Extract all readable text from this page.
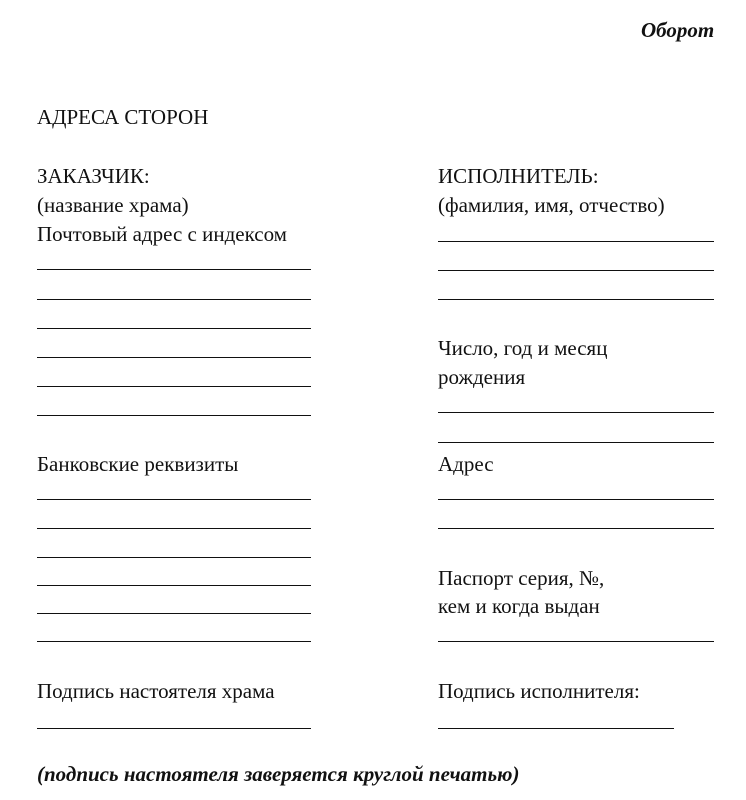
Оборот

АДРЕСА СТОРОН

ЗАКАЗЧИК:

(название храма)

Почтовый адрес с индексом

Банковские реквизиты

Подпись настоятеля храма

ИСПОЛНИТЕЛЬ:

(фамилия, имя, отчество)

Число, год и месяц

рождения

Адрес

Паспорт серия, №,

кем и когда выдан

Подпись исполнителя:

(подпись настоятеля заверяется круглой печатью)
